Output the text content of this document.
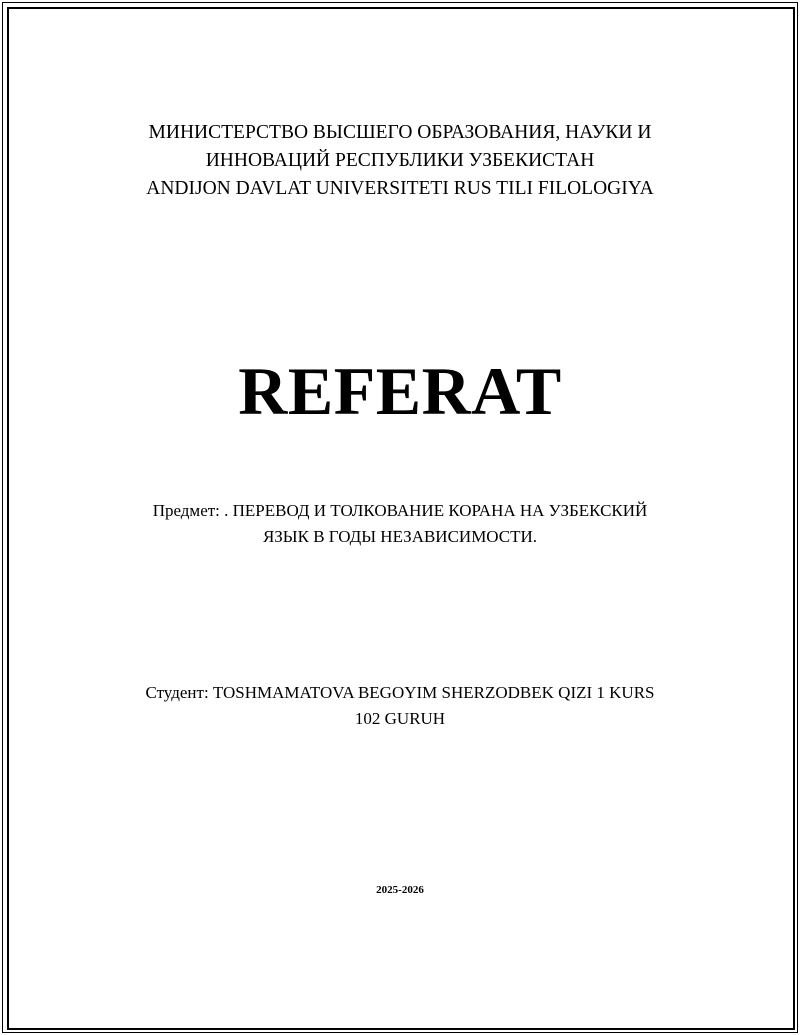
МИНИСТЕРСТВО ВЫСШЕГО ОБРАЗОВАНИЯ, НАУКИ И
ИННОВАЦИЙ РЕСПУБЛИКИ УЗБЕКИСТАН
ANDIJON DAVLAT UNIVERSITETI RUS TILI FILOLOGIYA
REFERAT
Предмет: . ПЕРЕВОД И ТОЛКОВАНИЕ КОРАНА НА УЗБЕКСКИЙ
ЯЗЫК В ГОДЫ НЕЗАВИСИМОСТИ.
Студент: TOSHMAMATOVA BEGOYIM SHERZODBEK QIZI 1 KURS
102 GURUH
2025-2026
